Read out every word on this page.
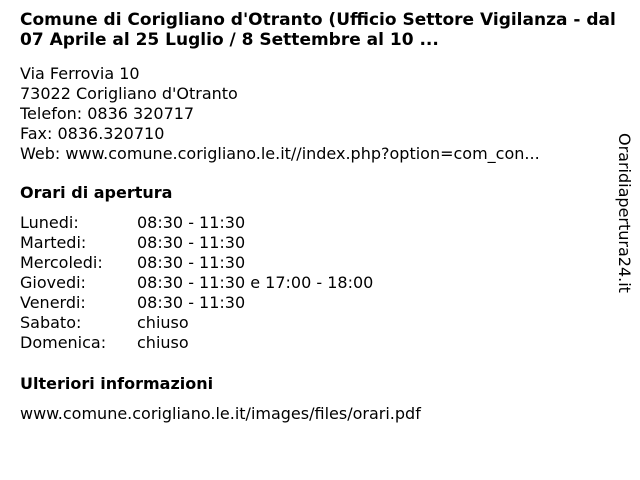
Comune di Corigliano d'Otranto (Ufficio Settore Vigilanza - dal 07 Aprile al 25 Luglio / 8 Settembre al 10 ...
Via Ferrovia 10
73022 Corigliano d'Otranto
Telefon: 0836 320717
Fax: 0836.320710
Web: www.comune.corigliano.le.it//index.php?option=com_con...
Orari di apertura
Lunedi:	08:30 - 11:30
Martedi:	08:30 - 11:30
Mercoledi: 08:30 - 11:30
Giovedi:	08:30 - 11:30 e 17:00 - 18:00
Venerdi:	08:30 - 11:30
Sabato:	chiuso
Domenica: chiuso
Ulteriori informazioni
www.comune.corigliano.le.it/images/files/orari.pdf
Oraridiapertura24.it
